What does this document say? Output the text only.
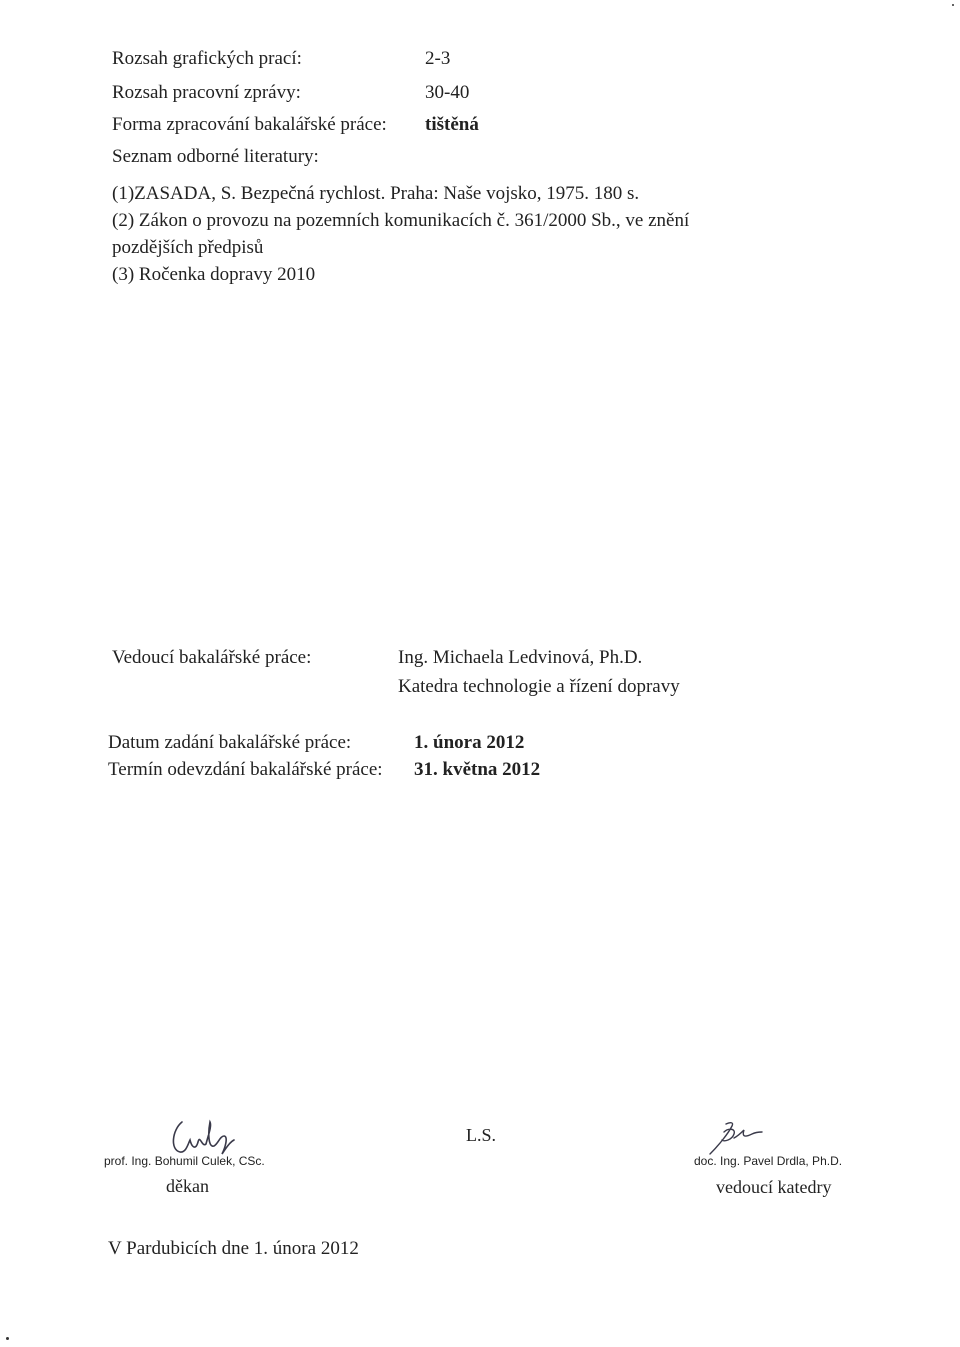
Rozsah grafických prací:	2-3
Rozsah pracovní zprávy:	30-40
Forma zpracování bakalářské práce: tištěná
Seznam odborné literatury:
(1)ZASADA, S. Bezpečná rychlost. Praha: Naše vojsko, 1975. 180 s.
(2) Zákon o provozu na pozemních komunikacích č. 361/2000 Sb., ve znění
pozdějších předpisů
(3) Ročenka dopravy 2010
Vedoucí bakalářské práce:	Ing. Michaela Ledvinová, Ph.D.
Katedra technologie a řízení dopravy
Datum zadání bakalářské práce:	1. února 2012
Termín odevzdání bakalářské práce: 31. května 2012
prof. Ing. Bohumil Culek, CSc.
děkan
L.S.
doc. Ing. Pavel Drdla, Ph.D.
vedoucí katedry
V Pardubicích dne 1. února 2012
